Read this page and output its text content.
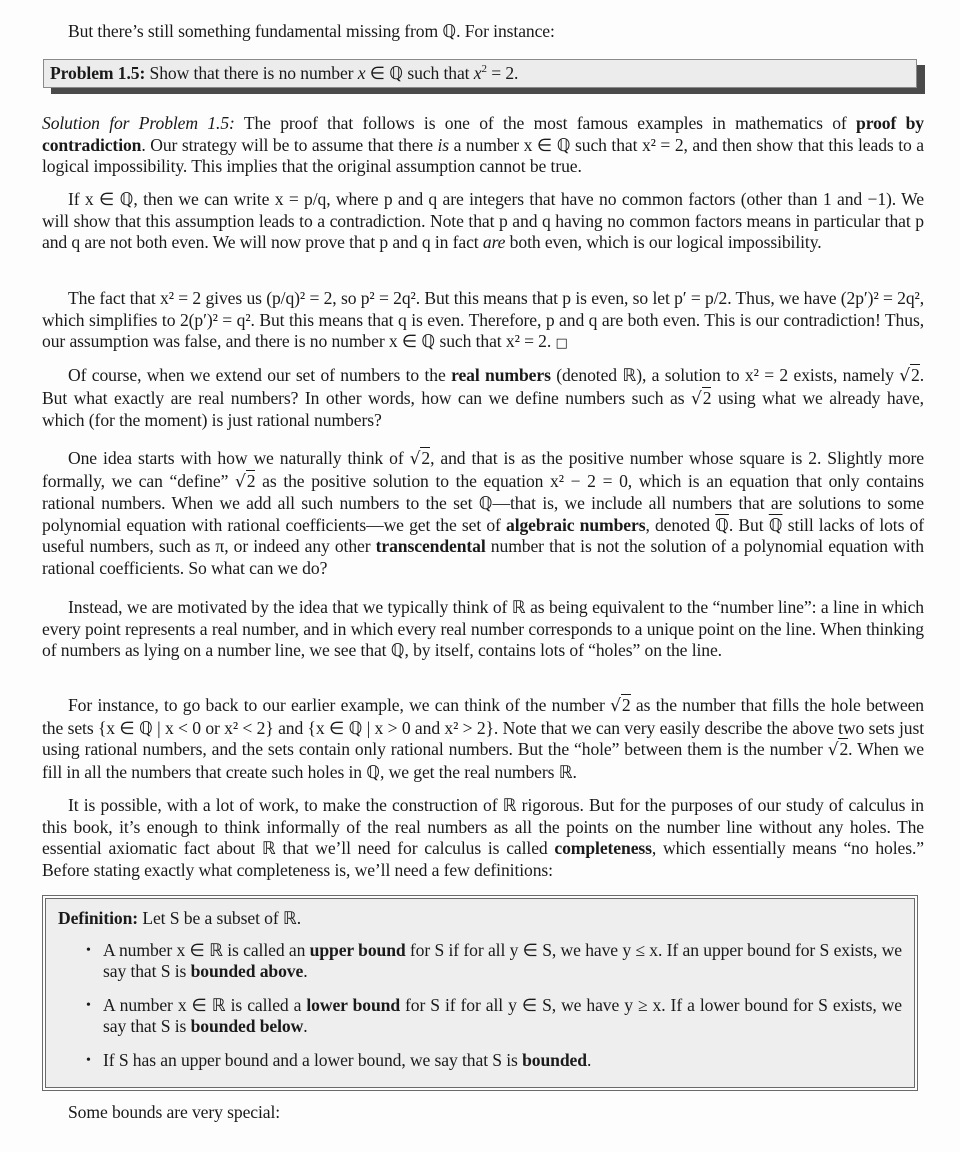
But there’s still something fundamental missing from ℚ. For instance:

Problem 1.5: Show that there is no number x ∈ ℚ such that $x^2 = 2$.

Solution for Problem 1.5: The proof that follows is one of the most famous examples in mathematics of proof by contradiction. Our strategy will be to assume that there is a number x ∈ ℚ such that x² = 2, and then show that this leads to a logical impossibility. This implies that the original assumption cannot be true.

If x ∈ ℚ, then we can write x = p/q, where p and q are integers that have no common factors (other than 1 and −1). We will show that this assumption leads to a contradiction. Note that p and q having no common factors means in particular that p and q are not both even. We will now prove that p and q in fact are both even, which is our logical impossibility.

The fact that x² = 2 gives us (p/q)² = 2, so p² = 2q². But this means that p is even, so let p′ = p/2. Thus, we have (2p′)² = 2q², which simplifies to 2(p′)² = q². But this means that q is even. Therefore, p and q are both even. This is our contradiction! Thus, our assumption was false, and there is no number x ∈ ℚ such that x² = 2. □

Of course, when we extend our set of numbers to the real numbers (denoted ℝ), a solution to x² = 2 exists, namely √2. But what exactly are real numbers? In other words, how can we define numbers such as √2 using what we already have, which (for the moment) is just rational numbers?

One idea starts with how we naturally think of √2, and that is as the positive number whose square is 2. Slightly more formally, we can “define” √2 as the positive solution to the equation x² − 2 = 0, which is an equation that only contains rational numbers. When we add all such numbers to the set ℚ—that is, we include all numbers that are solutions to some polynomial equation with rational coefficients—we get the set of algebraic numbers, denoted ℚ. But ℚ still lacks of lots of useful numbers, such as π, or indeed any other transcendental number that is not the solution of a polynomial equation with rational coefficients. So what can we do?

Instead, we are motivated by the idea that we typically think of ℝ as being equivalent to the “number line”: a line in which every point represents a real number, and in which every real number corresponds to a unique point on the line. When thinking of numbers as lying on a number line, we see that ℚ, by itself, contains lots of “holes” on the line.

For instance, to go back to our earlier example, we can think of the number √2 as the number that fills the hole between the sets {x ∈ ℚ | x < 0 or x² < 2} and {x ∈ ℚ | x > 0 and x² > 2}. Note that we can very easily describe the above two sets just using rational numbers, and the sets contain only rational numbers. But the “hole” between them is the number √2. When we fill in all the numbers that create such holes in ℚ, we get the real numbers ℝ.

It is possible, with a lot of work, to make the construction of ℝ rigorous. But for the purposes of our study of calculus in this book, it’s enough to think informally of the real numbers as all the points on the number line without any holes. The essential axiomatic fact about ℝ that we’ll need for calculus is called completeness, which essentially means “no holes.” Before stating exactly what completeness is, we’ll need a few definitions:

Definition: Let S be a subset of ℝ.

• A number x ∈ ℝ is called an upper bound for S if for all y ∈ S, we have y ≤ x. If an upper bound for S exists, we say that S is bounded above.
• A number x ∈ ℝ is called a lower bound for S if for all y ∈ S, we have y ≥ x. If a lower bound for S exists, we say that S is bounded below.
• If S has an upper bound and a lower bound, we say that S is bounded.

Some bounds are very special:
